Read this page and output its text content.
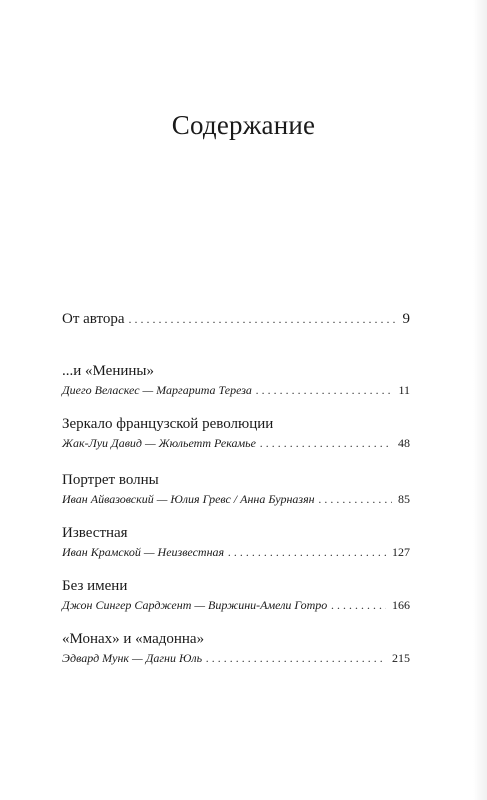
Содержание
От автора . . .	9
...и «Менины»
Диего Веласкес — Маргарита Тереза . . .	11
Зеркало французской революции
Жак-Луи Давид — Жюльетт Рекамье . . .	48
Портрет волны
Иван Айвазовский — Юлия Гревс / Анна Бурназян . . .	85
Известная
Иван Крамской — Неизвестная . . .	127
Без имени
Джон Сингер Сарджент — Виржини-Амели Готро . . .	166
«Монах» и «мадонна»
Эдвард Мунк — Дагни Юль . . .	215
